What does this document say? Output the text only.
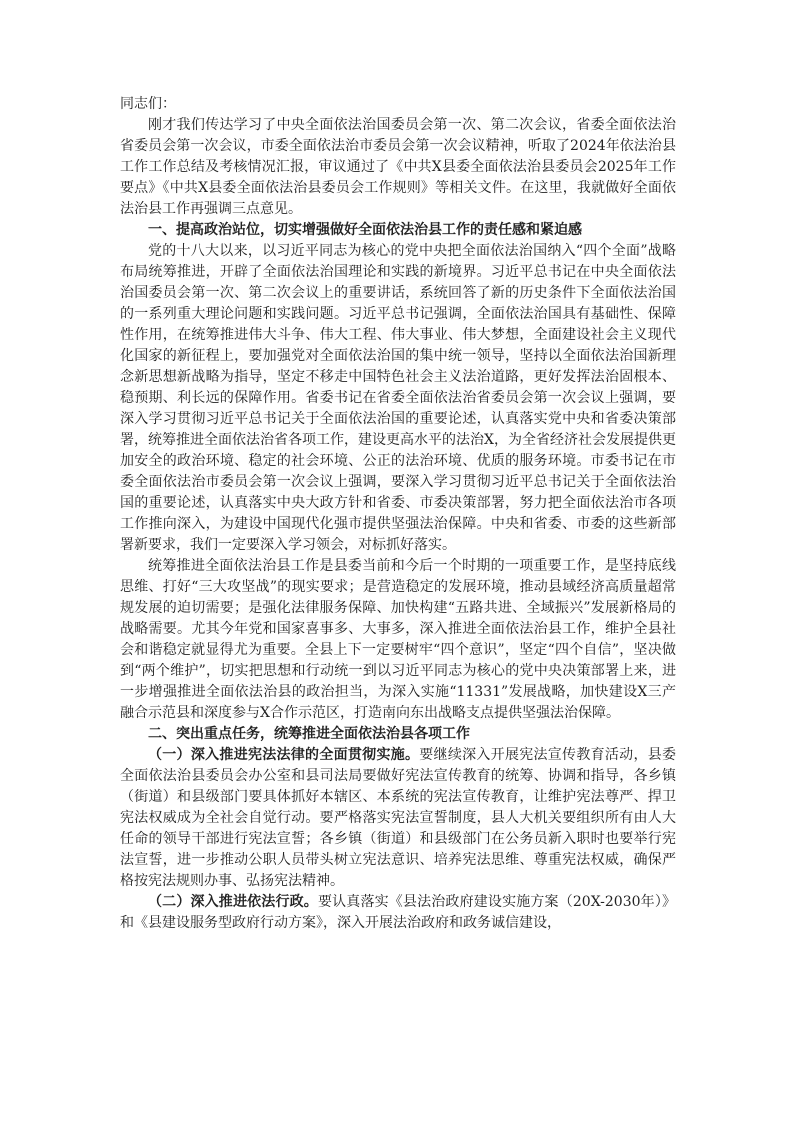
同志们：

刚才我们传达学习了中央全面依法治国委员会第一次、第二次会议，省委全面依法治省委员会第一次会议，市委全面依法治市委员会第一次会议精神，听取了2024年依法治县工作工作总结及考核情况汇报，审议通过了《中共X县委全面依法治县委员会2025年工作要点》《中共X县委全面依法治县委员会工作规则》等相关文件。在这里，我就做好全面依法治县工作再强调三点意见。

一、提高政治站位，切实增强做好全面依法治县工作的责任感和紧迫感

党的十八大以来，以习近平同志为核心的党中央把全面依法治国纳入“四个全面”战略布局统筹推进，开辟了全面依法治国理论和实践的新境界。习近平总书记在中央全面依法治国委员会第一次、第二次会议上的重要讲话，系统回答了新的历史条件下全面依法治国的一系列重大理论问题和实践问题。习近平总书记强调，全面依法治国具有基础性、保障性作用，在统筹推进伟大斗争、伟大工程、伟大事业、伟大梦想，全面建设社会主义现代化国家的新征程上，要加强党对全面依法治国的集中统一领导，坚持以全面依法治国新理念新思想新战略为指导，坚定不移走中国特色社会主义法治道路，更好发挥法治固根本、稳预期、利长远的保障作用。省委书记在省委全面依法治省委员会第一次会议上强调，要深入学习贯彻习近平总书记关于全面依法治国的重要论述，认真落实党中央和省委决策部署，统筹推进全面依法治省各项工作，建设更高水平的法治X，为全省经济社会发展提供更加安全的政治环境、稳定的社会环境、公正的法治环境、优质的服务环境。市委书记在市委全面依法治市委员会第一次会议上强调，要深入学习贯彻习近平总书记关于全面依法治国的重要论述，认真落实中央大政方针和省委、市委决策部署，努力把全面依法治市各项工作推向深入，为建设中国现代化强市提供坚强法治保障。中央和省委、市委的这些新部署新要求，我们一定要深入学习领会，对标抓好落实。

统筹推进全面依法治县工作是县委当前和今后一个时期的一项重要工作，是坚持底线思维、打好“三大攻坚战”的现实要求；是营造稳定的发展环境，推动县域经济高质量超常规发展的迫切需要；是强化法律服务保障、加快构建“五路共进、全域振兴”发展新格局的战略需要。尤其今年党和国家喜事多、大事多，深入推进全面依法治县工作，维护全县社会和谐稳定就显得尤为重要。全县上下一定要树牢“四个意识”，坚定“四个自信”，坚决做到“两个维护”，切实把思想和行动统一到以习近平同志为核心的党中央决策部署上来，进一步增强推进全面依法治县的政治担当，为深入实施“11331”发展战略，加快建设X三产融合示范县和深度参与X合作示范区，打造南向东出战略支点提供坚强法治保障。

二、突出重点任务，统筹推进全面依法治县各项工作

（一）深入推进宪法法律的全面贯彻实施。要继续深入开展宪法宣传教育活动，县委全面依法治县委员会办公室和县司法局要做好宪法宣传教育的统筹、协调和指导，各乡镇（街道）和县级部门要具体抓好本辖区、本系统的宪法宣传教育，让维护宪法尊严、捍卫宪法权威成为全社会自觉行动。要严格落实宪法宣誓制度，县人大机关要组织所有由人大任命的领导干部进行宪法宣誓；各乡镇（街道）和县级部门在公务员新入职时也要举行宪法宣誓，进一步推动公职人员带头树立宪法意识、培养宪法思维、尊重宪法权威，确保严格按宪法规则办事、弘扬宪法精神。

（二）深入推进依法行政。要认真落实《县法治政府建设实施方案（20X-2030年）》和《县建设服务型政府行动方案》，深入开展法治政府和政务诚信建设，
